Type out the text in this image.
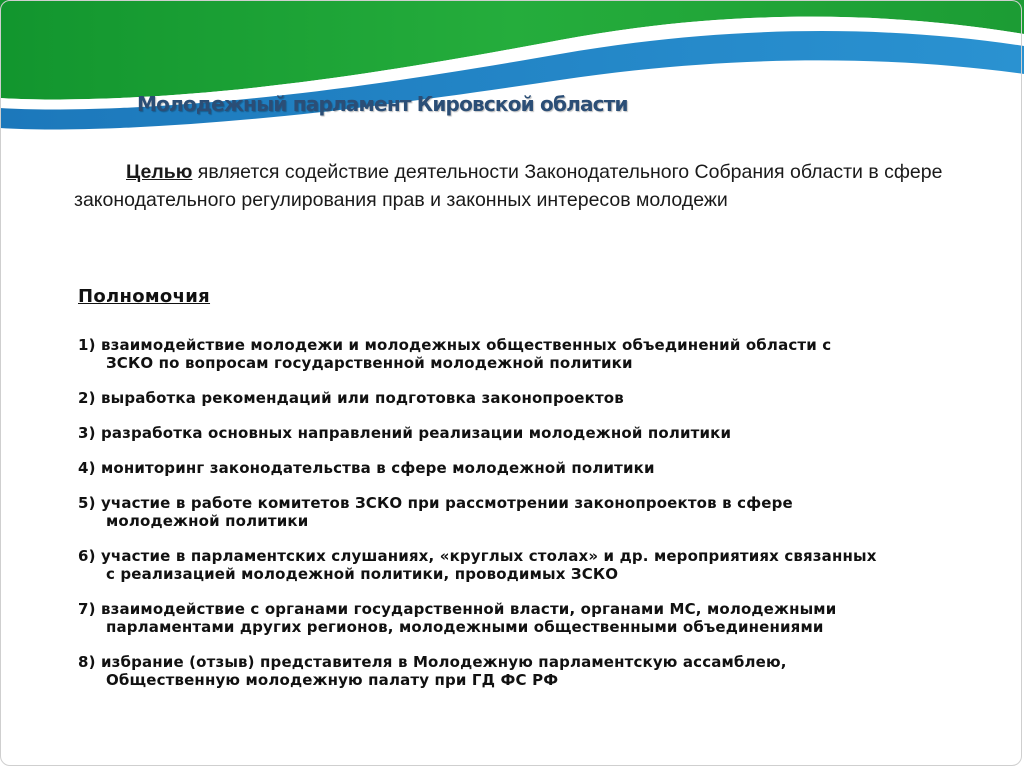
Молодежный парламент Кировской области
Целью является содействие деятельности Законодательного Собрания области в сфере законодательного регулирования прав и законных интересов молодежи
Полномочия
1) взаимодействие молодежи и молодежных общественных объединений области с ЗСКО по вопросам государственной молодежной политики
2) выработка рекомендаций или подготовка законопроектов
3) разработка основных направлений реализации молодежной политики
4) мониторинг законодательства в сфере молодежной политики
5) участие в работе комитетов ЗСКО при рассмотрении законопроектов в сфере молодежной политики
6) участие в парламентских слушаниях, «круглых столах» и др. мероприятиях связанных с реализацией молодежной политики, проводимых ЗСКО
7) взаимодействие с органами государственной власти, органами МС, молодежными парламентами других регионов, молодежными общественными объединениями
8) избрание (отзыв) представителя в Молодежную парламентскую ассамблею, Общественную молодежную палату при ГД ФС РФ
